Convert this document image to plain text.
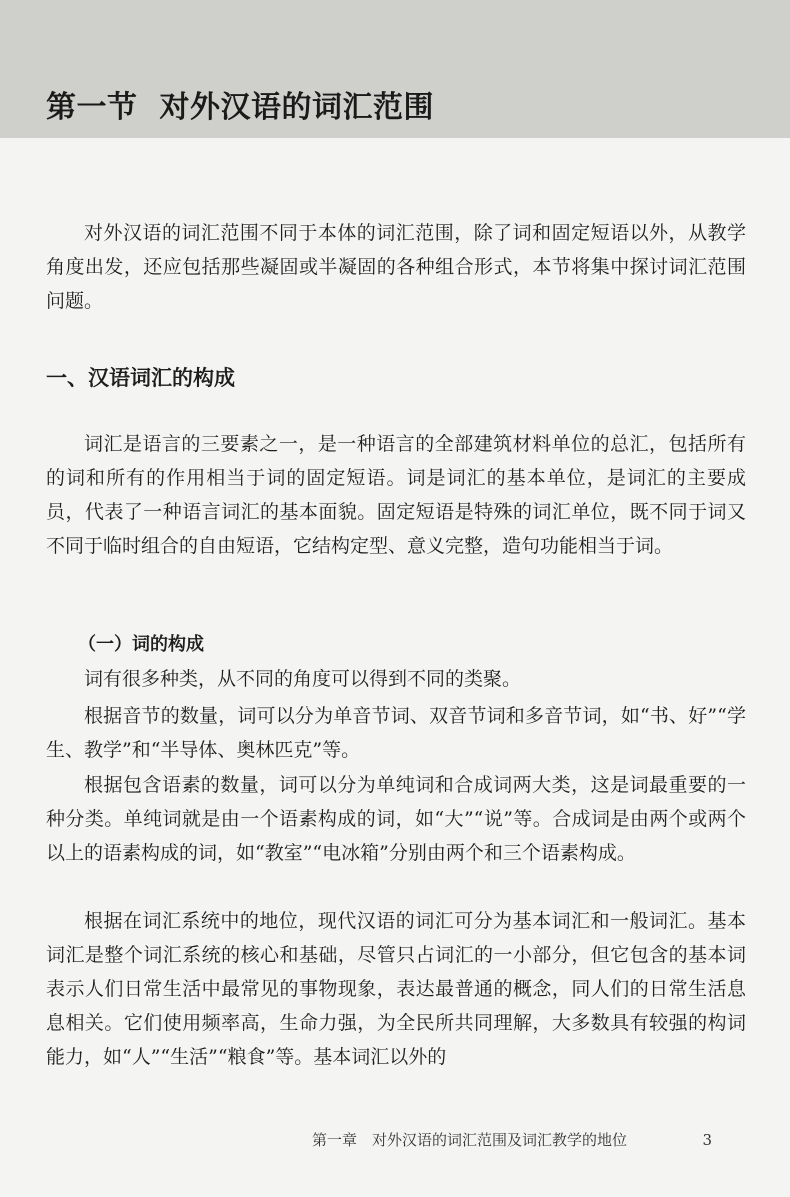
第一节 对外汉语的词汇范围

对外汉语的词汇范围不同于本体的词汇范围，除了词和固定短语以外，从教学角度出发，还应包括那些凝固或半凝固的各种组合形式，本节将集中探讨词汇范围问题。

一、汉语词汇的构成

词汇是语言的三要素之一，是一种语言的全部建筑材料单位的总汇，包括所有的词和所有的作用相当于词的固定短语。词是词汇的基本单位，是词汇的主要成员，代表了一种语言词汇的基本面貌。固定短语是特殊的词汇单位，既不同于词又不同于临时组合的自由短语，它结构定型、意义完整，造句功能相当于词。

（一）词的构成

词有很多种类，从不同的角度可以得到不同的类聚。

根据音节的数量，词可以分为单音节词、双音节词和多音节词，如“书、好”“学生、教学”和“半导体、奥林匹克”等。

根据包含语素的数量，词可以分为单纯词和合成词两大类，这是词最重要的一种分类。单纯词就是由一个语素构成的词，如“大”“说”等。合成词是由两个或两个以上的语素构成的词，如“教室”“电冰箱”分别由两个和三个语素构成。

根据在词汇系统中的地位，现代汉语的词汇可分为基本词汇和一般词汇。基本词汇是整个词汇系统的核心和基础，尽管只占词汇的一小部分，但它包含的基本词表示人们日常生活中最常见的事物现象，表达最普通的概念，同人们的日常生活息息相关。它们使用频率高，生命力强，为全民所共同理解，大多数具有较强的构词能力，如“人”“生活”“粮食”等。基本词汇以外的

第一章　对外汉语的词汇范围及词汇教学的地位	3
